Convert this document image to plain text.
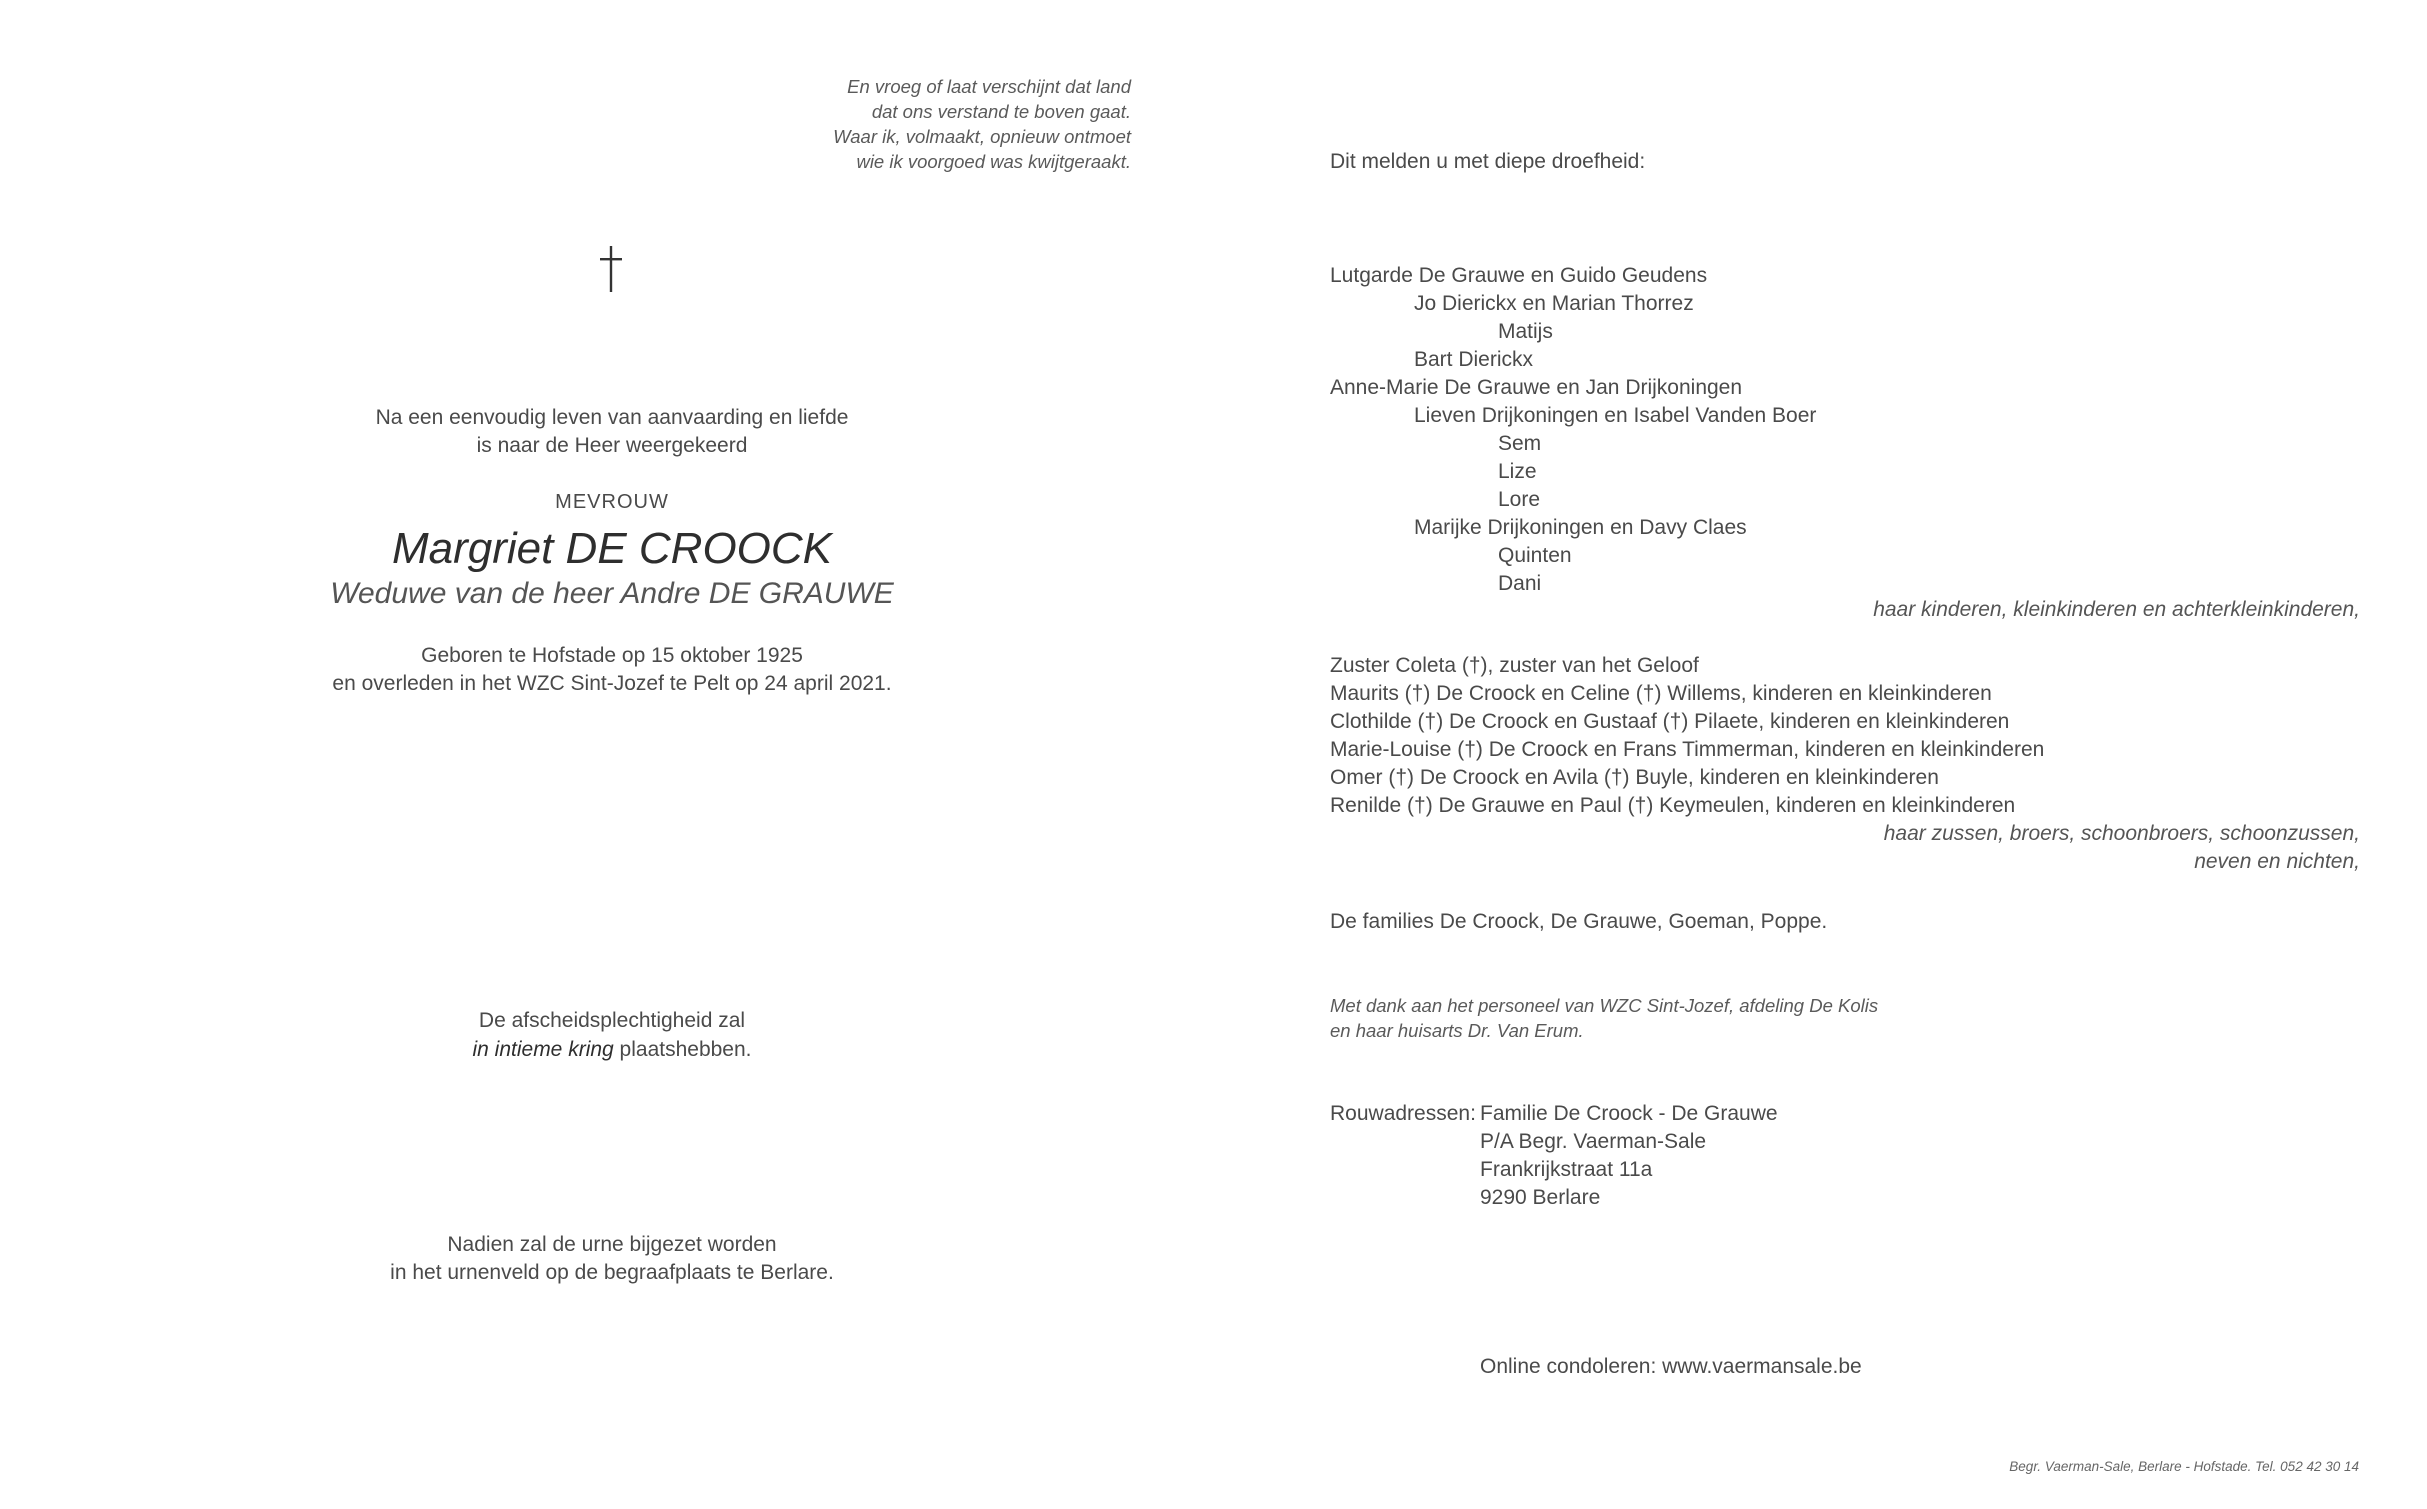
En vroeg of laat verschijnt dat land
dat ons verstand te boven gaat.
Waar ik, volmaakt, opnieuw ontmoet
wie ik voorgoed was kwijtgeraakt.
Na een eenvoudig leven van aanvaarding en liefde
is naar de Heer weergekeerd
MEVROUW
Margriet DE CROOCK
Weduwe van de heer Andre DE GRAUWE
Geboren te Hofstade op 15 oktober 1925
en overleden in het WZC Sint-Jozef te Pelt op 24 april 2021.
De afscheidsplechtigheid zal
in intieme kring plaatshebben.
Nadien zal de urne bijgezet worden
in het urnenveld op de begraafplaats te Berlare.
Dit melden u met diepe droefheid:
Lutgarde De Grauwe en Guido Geudens
Jo Dierickx en Marian Thorrez
Matijs
Bart Dierickx
Anne-Marie De Grauwe en Jan Drijkoningen
Lieven Drijkoningen en Isabel Vanden Boer
Sem
Lize
Lore
Marijke Drijkoningen en Davy Claes
Quinten
Dani
haar kinderen, kleinkinderen en achterkleinkinderen,
Zuster Coleta (†), zuster van het Geloof
Maurits (†) De Croock en Celine (†) Willems, kinderen en kleinkinderen
Clothilde (†) De Croock en Gustaaf (†) Pilaete, kinderen en kleinkinderen
Marie-Louise (†) De Croock en Frans Timmerman, kinderen en kleinkinderen
Omer (†) De Croock en Avila (†) Buyle, kinderen en kleinkinderen
Renilde (†) De Grauwe en Paul (†) Keymeulen, kinderen en kleinkinderen
haar zussen, broers, schoonbroers, schoonzussen,
neven en nichten,
De families De Croock, De Grauwe, Goeman, Poppe.
Met dank aan het personeel van WZC Sint-Jozef, afdeling De Kolis
en haar huisarts Dr. Van Erum.
Rouwadressen: Familie De Croock - De Grauwe
P/A Begr. Vaerman-Sale
Frankrijkstraat 11a
9290 Berlare
Online condoleren: www.vaermansale.be
Begr. Vaerman-Sale, Berlare - Hofstade. Tel. 052 42 30 14
